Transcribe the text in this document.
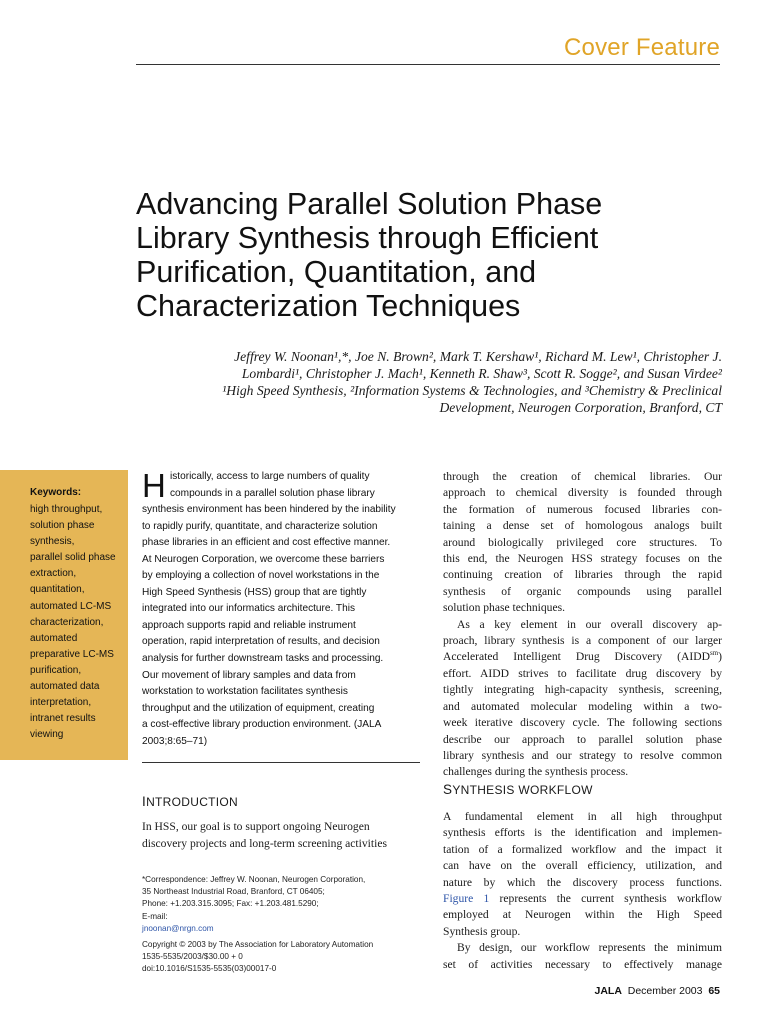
Cover Feature
Advancing Parallel Solution Phase
Library Synthesis through Efficient
Purification, Quantitation, and
Characterization Techniques
Jeffrey W. Noonan¹,*, Joe N. Brown², Mark T. Kershaw¹, Richard M. Lew¹, Christopher J.
Lombardi¹, Christopher J. Mach¹, Kenneth R. Shaw³, Scott R. Sogge², and Susan Virdee²
¹High Speed Synthesis, ²Information Systems & Technologies, and ³Chemistry & Preclinical
Development, Neurogen Corporation, Branford, CT
Keywords:
high throughput,
solution phase
synthesis,
parallel solid phase
extraction,
quantitation,
automated LC-MS
characterization,
automated
preparative LC-MS
purification,
automated data
interpretation,
intranet results
viewing
H istorically, access to large numbers of quality
compounds in a parallel solution phase library
synthesis environment has been hindered by the inability
to rapidly purify, quantitate, and characterize solution
phase libraries in an efficient and cost effective manner.
At Neurogen Corporation, we overcome these barriers
by employing a collection of novel workstations in the
High Speed Synthesis (HSS) group that are tightly
integrated into our informatics architecture. This
approach supports rapid and reliable instrument
operation, rapid interpretation of results, and decision
analysis for further downstream tasks and processing.
Our movement of library samples and data from
workstation to workstation facilitates synthesis
throughput and the utilization of equipment, creating
a cost-effective library production environment. (JALA
2003;8:65–71)
INTRODUCTION
In HSS, our goal is to support ongoing Neurogen
discovery projects and long-term screening activities
*Correspondence: Jeffrey W. Noonan, Neurogen Corporation,
35 Northeast Industrial Road, Branford, CT 06405;
Phone: +1.203.315.3095; Fax: +1.203.481.5290;
E-mail:
jnoonan@nrgn.com
Copyright © 2003 by The Association for Laboratory Automation
1535-5535/2003/$30.00 + 0
doi:10.1016/S1535-5535(03)00017-0
through the creation of chemical libraries. Our
approach to chemical diversity is founded through
the formation of numerous focused libraries con-
taining a dense set of homologous analogs built
around biologically privileged core structures. To
this end, the Neurogen HSS strategy focuses on the
continuing creation of libraries through the rapid
synthesis of organic compounds using parallel
solution phase techniques.
As a key element in our overall discovery ap-
proach, library synthesis is a component of our larger
Accelerated Intelligent Drug Discovery $(AIDD^{sm})$
effort. AIDD strives to facilitate drug discovery by
tightly integrating high-capacity synthesis, screening,
and automated molecular modeling within a two-
week iterative discovery cycle. The following sections
describe our approach to parallel solution phase
library synthesis and our strategy to resolve common
challenges during the synthesis process.
SYNTHESIS WORKFLOW
A fundamental element in all high throughput
synthesis efforts is the identification and implemen-
tation of a formalized workflow and the impact it
can have on the overall efficiency, utilization, and
nature by which the discovery process functions.
Figure 1 represents the current synthesis workflow
employed at Neurogen within the High Speed
Synthesis group.
By design, our workflow represents the minimum
set of activities necessary to effectively manage
JALA December 2003 65
